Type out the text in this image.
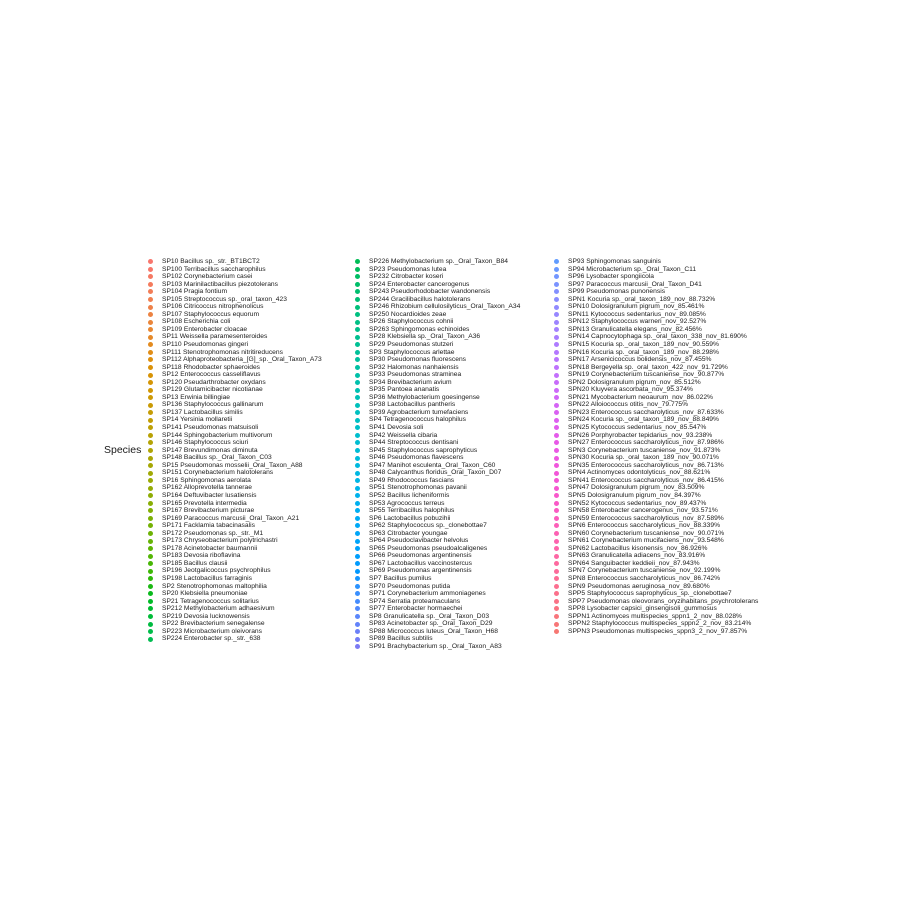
Species
SP10 Bacillus sp._str._BT1BCT2
SP100 Terribacillus saccharophilus
SP102 Corynebacterium casei
SP103 Marinilactibacillus piezotolerans
SP104 Pragia fontium
SP105 Streptococcus sp._oral_taxon_423
SP106 Citricoccus nitrophenolicus
SP107 Staphylococcus equorum
SP108 Escherichia coli
SP109 Enterobacter cloacae
SP11 Weissella paramesenteroides
SP110 Pseudomonas gingeri
SP111 Stenotrophomonas nitritireducens
SP112 Alphaproteobacteria_[G]_sp._Oral_Taxon_A73
SP118 Rhodobacter sphaeroides
SP12 Enterococcus casseliflavus
SP120 Pseudarthrobacter oxydans
SP129 Glutamicibacter nicotianae
SP13 Erwinia billingiae
SP136 Staphylococcus gallinarum
SP137 Lactobacillus similis
SP14 Yersinia mollaretii
SP141 Pseudomonas matsuisoli
SP144 Sphingobacterium multivorum
SP146 Staphylococcus sciuri
SP147 Brevundimonas diminuta
SP148 Bacillus sp._Oral_Taxon_C03
SP15 Pseudomonas mosselii_Oral_Taxon_A88
SP151 Corynebacterium halotolerans
SP16 Sphingomonas aerolata
SP162 Alloprevotella tannerae
SP164 Deftuvibacter lusatiensis
SP165 Prevotella intermedia
SP167 Brevibacterium picturae
SP169 Paracoccus marcusii_Oral_Taxon_A21
SP171 Facklamia tabacinasalis
SP172 Pseudomonas sp._str._M1
SP173 Chryseobacterium polytrichastri
SP178 Acinetobacter baumannii
SP183 Devosia riboflavina
SP185 Bacillus clausii
SP196 Jeotgalicoccus psychrophilus
SP198 Lactobacillus farraginis
SP2 Stenotrophomonas maltophilia
SP20 Klebsiella pneumoniae
SP21 Tetragenococcus solitarius
SP212 Methylobacterium adhaesivum
SP219 Devosia lucknowensis
SP22 Brevibacterium senegalense
SP223 Microbacterium oleivorans
SP224 Enterobacter sp._str._638
SP226 Methylobacterium sp._Oral_Taxon_B84
SP23 Pseudomonas lutea
SP232 Citrobacter koseri
SP24 Enterobacter cancerogenus
SP243 Pseudorhodobacter wandonensis
SP244 Gracilibacillus halotolerans
SP246 Rhizobium cellulosilyticus_Oral_Taxon_A34
SP250 Nocardioides zeae
SP26 Staphylococcus cohnii
SP263 Sphingomonas echinoides
SP28 Klebsiella sp._Oral_Taxon_A36
SP29 Pseudomonas stutzeri
SP3 Staphylococcus arlettae
SP30 Pseudomonas fluorescens
SP32 Halomonas nanhaiensis
SP33 Pseudomonas straminea
SP34 Brevibacterium avium
SP35 Pantoea ananatis
SP36 Methylobacterium goesingense
SP38 Lactobacillus pantheris
SP39 Agrobacterium tumefaciens
SP4 Tetragenococcus halophilus
SP41 Devosia soli
SP42 Weissella cibaria
SP44 Streptococcus dentisani
SP45 Staphylococcus saprophyticus
SP46 Pseudomonas flavescens
SP47 Manihot esculenta_Oral_Taxon_C60
SP48 Calycanthus floridus_Oral_Taxon_D07
SP49 Rhodococcus fascians
SP51 Stenotrophomonas pavanii
SP52 Bacillus licheniformis
SP53 Agrococcus terreus
SP55 Terribacillus halophilus
SP6 Lactobacillus pobuzihii
SP62 Staphylococcus sp._clonebottae7
SP63 Citrobacter youngae
SP64 Pseudoclavibacter helvolus
SP65 Pseudomonas pseudoalcaligenes
SP66 Pseudomonas argentinensis
SP67 Lactobacillus vaccinostercus
SP69 Pseudomonas argentinensis
SP7 Bacillus pumilus
SP70 Pseudomonas putida
SP71 Corynebacterium ammoniagenes
SP74 Serratia proteamaculans
SP77 Enterobacter hormaechei
SP8 Granulicatella sp._Oral_Taxon_D03
SP83 Acinetobacter sp._Oral_Taxon_D29
SP88 Micrococcus luteus_Oral_Taxon_H68
SP89 Bacillus subtilis
SP91 Brachybacterium sp._Oral_Taxon_A83
SP93 Sphingomonas sanguinis
SP94 Microbacterium sp._Oral_Taxon_C11
SP96 Lysobacter spongiicola
SP97 Paracoccus marcusii_Oral_Taxon_D41
SP99 Pseudomonas punonensis
SPN1 Kocuria sp._oral_taxon_189_nov_88.732%
SPN10 Dolosigranulum pigrum_nov_85.461%
SPN11 Kytococcus sedentarius_nov_89.085%
SPN12 Staphylococcus warneri_nov_92.527%
SPN13 Granulicatella elegans_nov_82.456%
SPN14 Capnocytophaga sp._oral_taxon_338_nov_81.690%
SPN15 Kocuria sp._oral_taxon_189_nov_90.559%
SPN16 Kocuria sp._oral_taxon_189_nov_88.298%
SPN17 Arsenicicoccus bolidensis_nov_87.455%
SPN18 Bergeyella sp._oral_taxon_422_nov_91.729%
SPN19 Corynebacterium tuscaniense_nov_90.877%
SPN2 Dolosigranulum pigrum_nov_85.512%
SPN20 Kluyvera ascorbata_nov_95.374%
SPN21 Mycobacterium neoaurum_nov_86.022%
SPN22 Alloiococcus otitis_nov_79.775%
SPN23 Enterococcus saccharolyticus_nov_87.633%
SPN24 Kocuria sp._oral_taxon_189_nov_88.849%
SPN25 Kytococcus sedentarius_nov_85.547%
SPN26 Porphyrobacter tepidarius_nov_93.238%
SPN27 Enterococcus saccharolyticus_nov_87.986%
SPN3 Corynebacterium tuscaniense_nov_91.873%
SPN30 Kocuria sp._oral_taxon_189_nov_90.071%
SPN35 Enterococcus saccharolyticus_nov_86.713%
SPN4 Actinomyces odontolyticus_nov_88.621%
SPN41 Enterococcus saccharolyticus_nov_86.415%
SPN47 Dolosigranulum pigrum_nov_83.509%
SPN5 Dolosigranulum pigrum_nov_84.397%
SPN52 Kytococcus sedentarius_nov_89.437%
SPN58 Enterobacter cancerogenus_nov_93.571%
SPN59 Enterococcus saccharolyticus_nov_87.589%
SPN6 Enterococcus saccharolyticus_nov_88.339%
SPN60 Corynebacterium tuscaniense_nov_90.071%
SPN61 Corynebacterium mucifaciens_nov_93.548%
SPN62 Lactobacillus kisonensis_nov_86.926%
SPN63 Granulicatella adiacens_nov_83.916%
SPN64 Sanguibacter keddieii_nov_87.943%
SPN7 Corynebacterium tuscaniense_nov_92.199%
SPN8 Enterococcus saccharolyticus_nov_86.742%
SPN9 Pseudomonas aeruginosa_nov_89.680%
SPP5 Staphylococcus saprophyticus_sp._clonebottae7
SPP7 Pseudomonas oleovorans_oryzihabitans_psychrotolerans
SPP8 Lysobacter capsici_ginsengisoli_gummosus
SPPN1 Actinomyces multispecies_sppn1_2_nov_88.028%
SPPN2 Staphylococcus multispecies_sppn2_2_nov_83.214%
SPPN3 Pseudomonas multispecies_sppn3_2_nov_97.857%
